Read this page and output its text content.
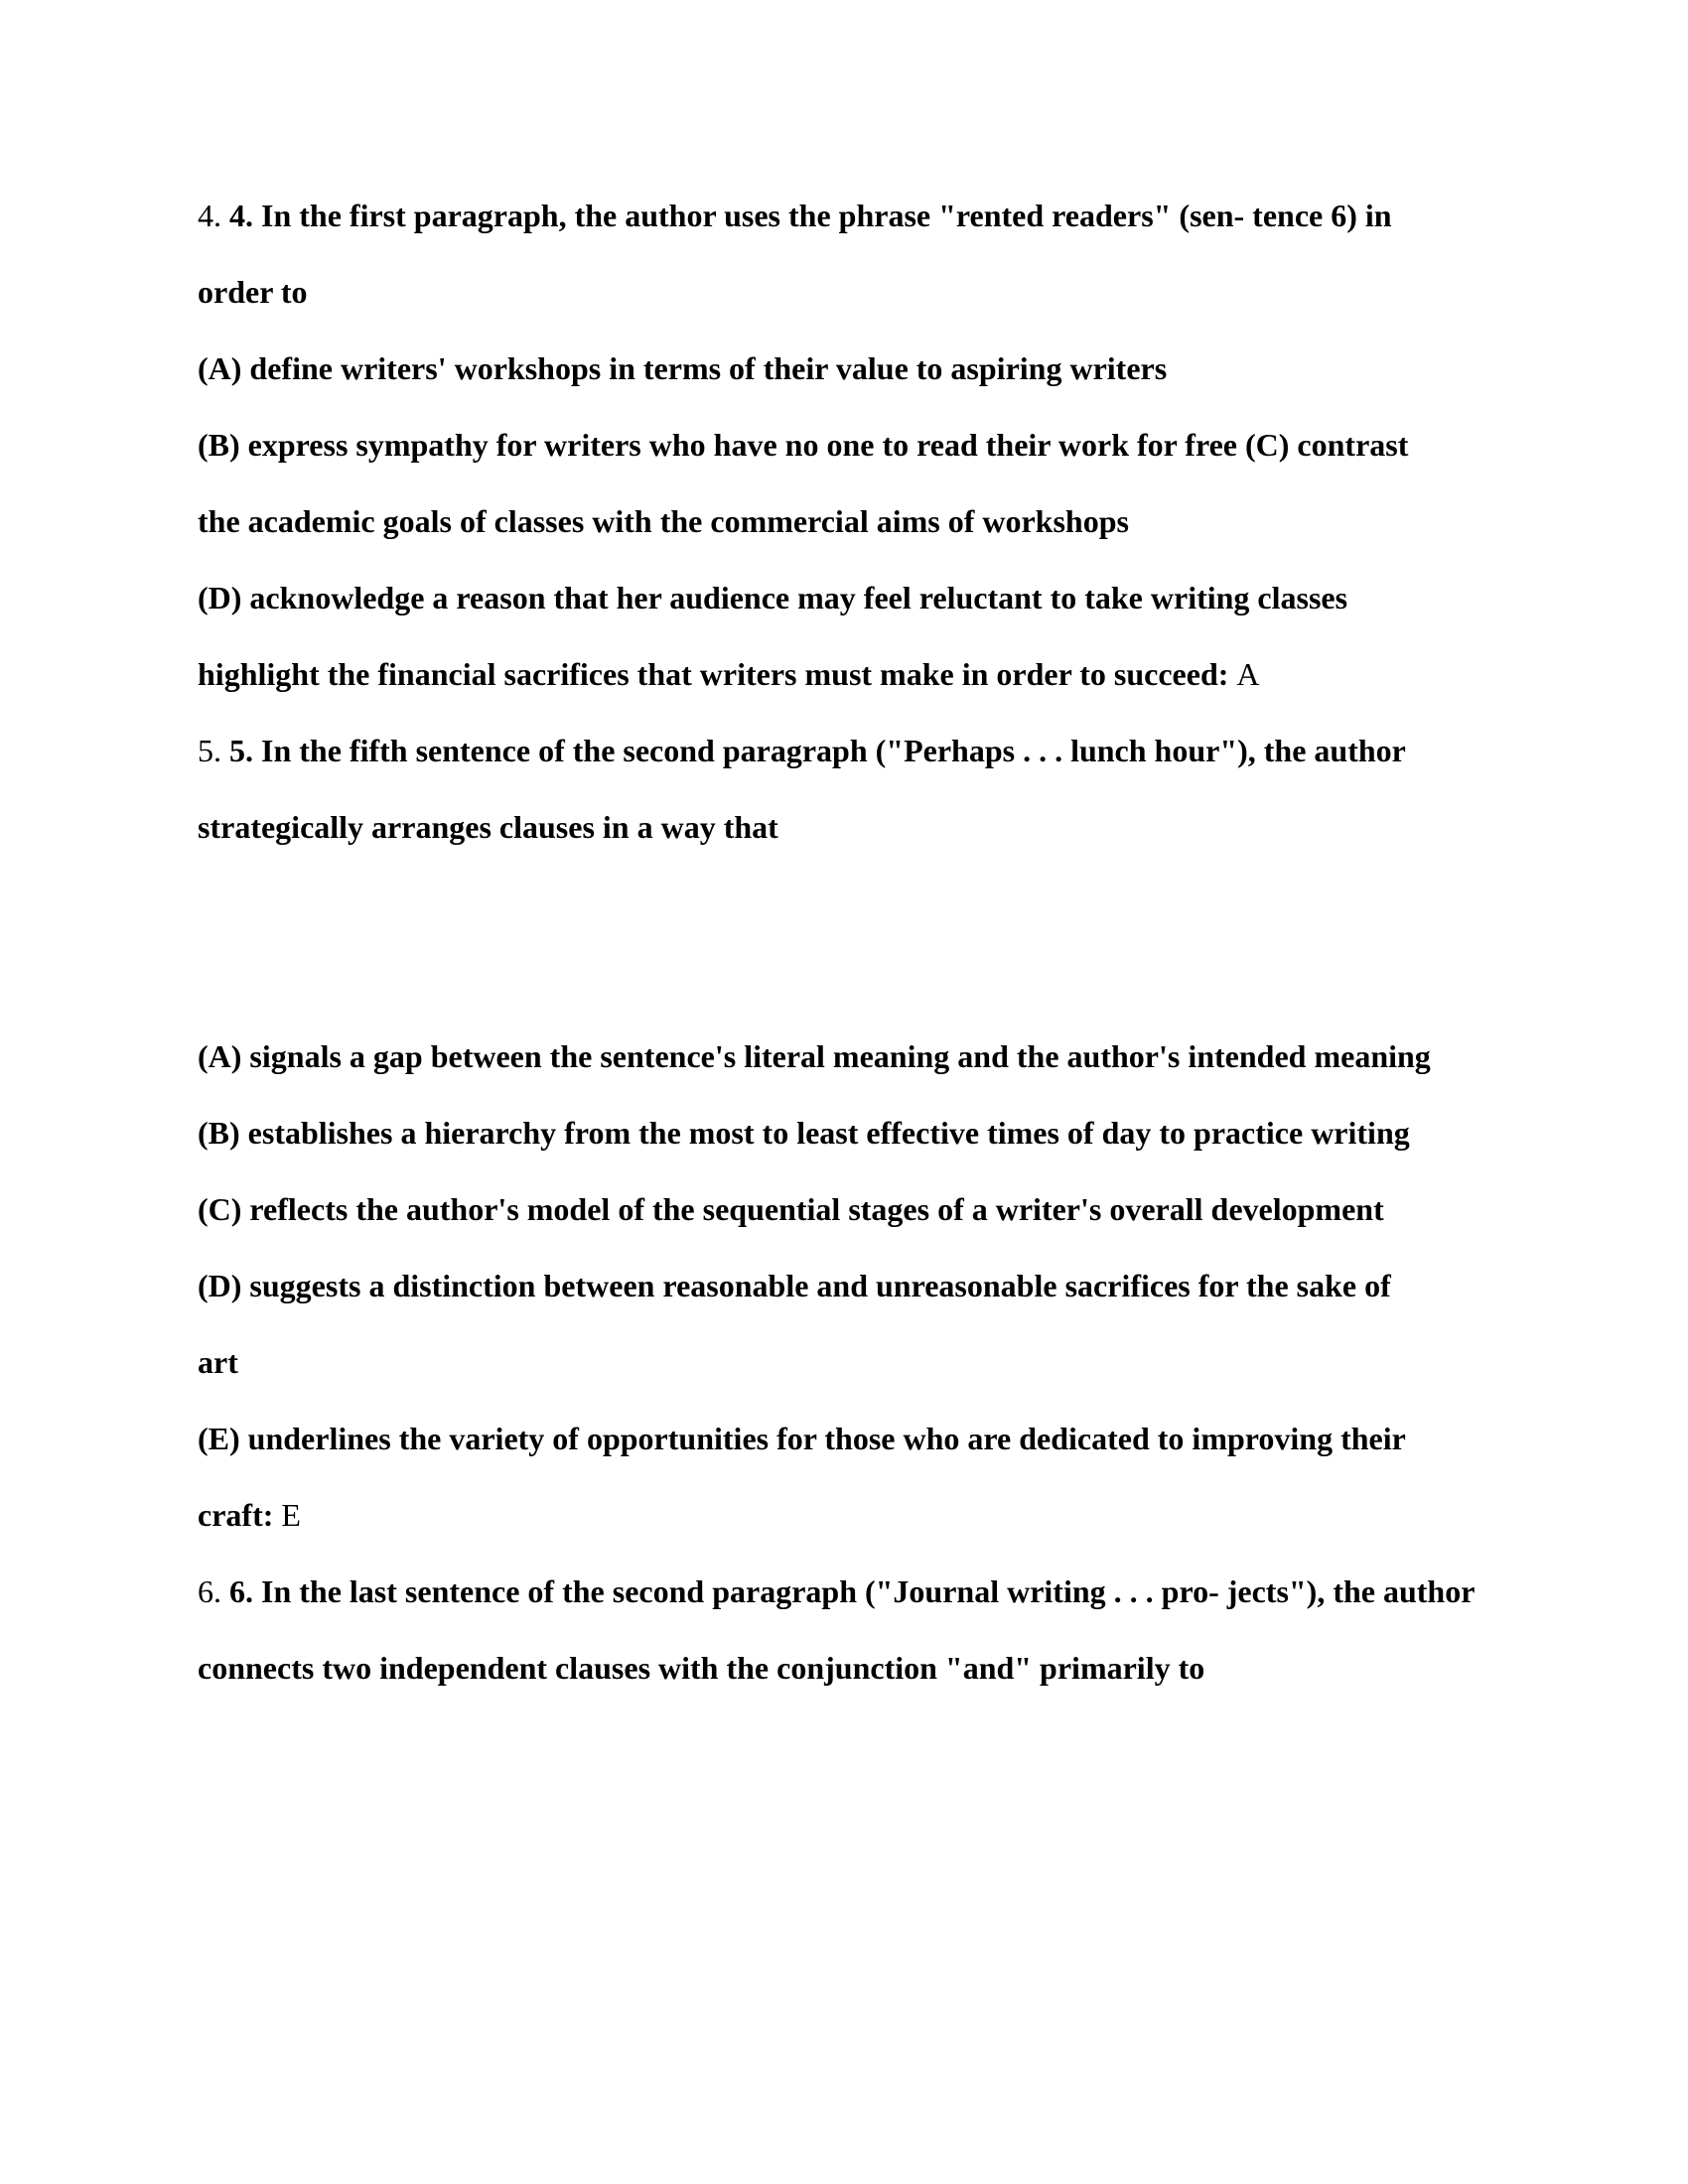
4. 4. In the first paragraph, the author uses the phrase "rented readers" (sen- tence 6) in
order to
(A) define writers' workshops in terms of their value to aspiring writers
(B) express sympathy for writers who have no one to read their work for free (C) contrast
the academic goals of classes with the commercial aims of workshops
(D) acknowledge a reason that her audience may feel reluctant to take writing classes
highlight the financial sacrifices that writers must make in order to succeed: A
5. 5. In the fifth sentence of the second paragraph ("Perhaps . . . lunch hour"), the author
strategically arranges clauses in a way that
(A) signals a gap between the sentence's literal meaning and the author's intended meaning
(B) establishes a hierarchy from the most to least effective times of day to practice writing
(C) reflects the author's model of the sequential stages of a writer's overall development
(D) suggests a distinction between reasonable and unreasonable sacrifices for the sake of
art
(E) underlines the variety of opportunities for those who are dedicated to improving their
craft: E
6. 6. In the last sentence of the second paragraph ("Journal writing . . . pro- jects"), the author
connects two independent clauses with the conjunction "and" primarily to
